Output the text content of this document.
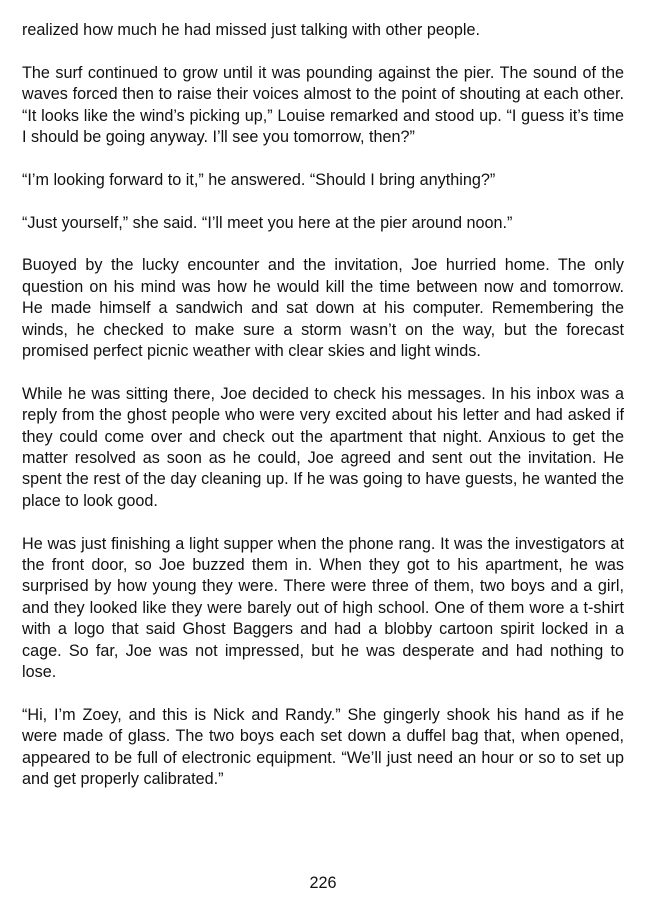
realized how much he had missed just talking with other people.

The surf continued to grow until it was pounding against the pier. The sound of the waves forced then to raise their voices almost to the point of shouting at each other. “It looks like the wind’s picking up,” Louise remarked and stood up. “I guess it’s time I should be going anyway. I’ll see you tomorrow, then?”

“I’m looking forward to it,” he answered. “Should I bring anything?”

“Just yourself,” she said. “I’ll meet you here at the pier around noon.”

Buoyed by the lucky encounter and the invitation, Joe hurried home. The only question on his mind was how he would kill the time between now and tomorrow. He made himself a sandwich and sat down at his computer. Remembering the winds, he checked to make sure a storm wasn’t on the way, but the forecast promised perfect picnic weather with clear skies and light winds.

While he was sitting there, Joe decided to check his messages. In his inbox was a reply from the ghost people who were very excited about his letter and had asked if they could come over and check out the apartment that night. Anxious to get the matter resolved as soon as he could, Joe agreed and sent out the invitation. He spent the rest of the day cleaning up. If he was going to have guests, he wanted the place to look good.

He was just finishing a light supper when the phone rang. It was the investigators at the front door, so Joe buzzed them in. When they got to his apartment, he was surprised by how young they were. There were three of them, two boys and a girl, and they looked like they were barely out of high school. One of them wore a t-shirt with a logo that said Ghost Baggers and had a blobby cartoon spirit locked in a cage. So far, Joe was not impressed, but he was desperate and had nothing to lose.

“Hi, I’m Zoey, and this is Nick and Randy.” She gingerly shook his hand as if he were made of glass. The two boys each set down a duffel bag that, when opened, appeared to be full of electronic equipment. “We’ll just need an hour or so to set up and get properly calibrated.”

226
